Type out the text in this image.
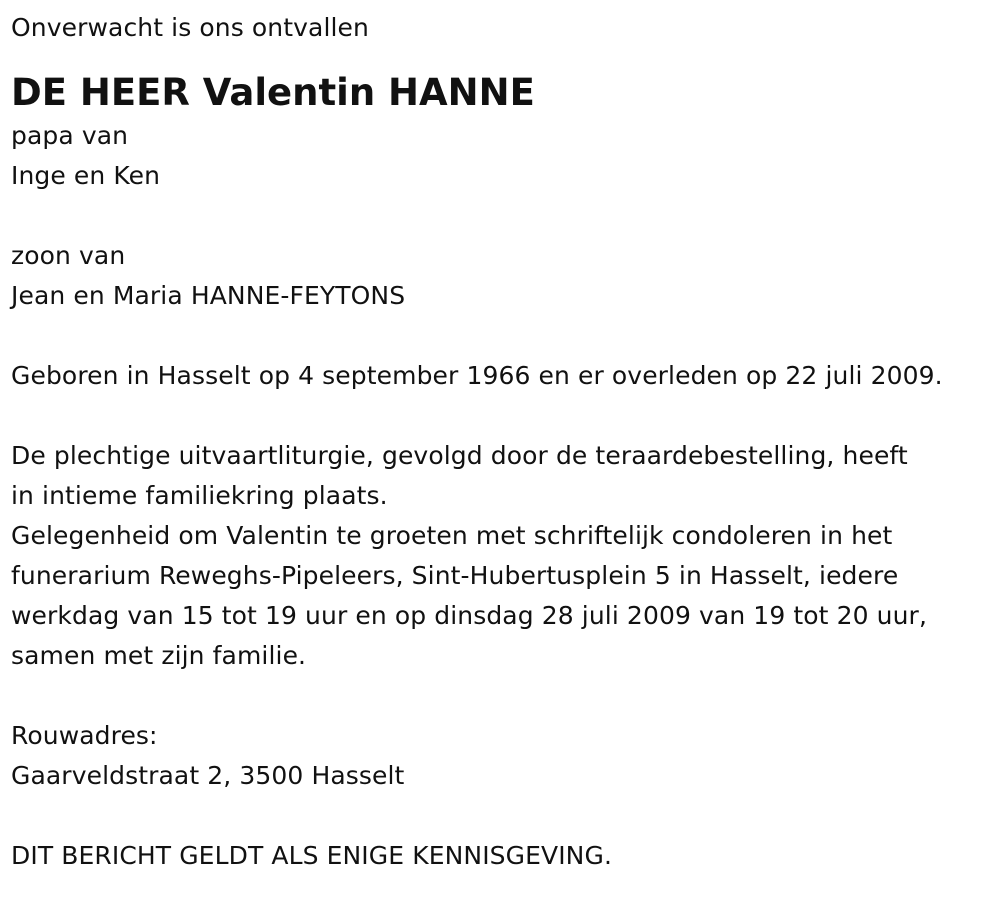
Onverwacht is ons ontvallen
DE HEER Valentin HANNE
papa van
Inge en Ken
zoon van
Jean en Maria HANNE-FEYTONS
Geboren in Hasselt op 4 september 1966 en er overleden op 22 juli 2009.
De plechtige uitvaartliturgie, gevolgd door de teraardebestelling, heeft
in intieme familiekring plaats.
Gelegenheid om Valentin te groeten met schriftelijk condoleren in het
funerarium Reweghs-Pipeleers, Sint-Hubertusplein 5 in Hasselt, iedere
werkdag van 15 tot 19 uur en op dinsdag 28 juli 2009 van 19 tot 20 uur,
samen met zijn familie.
Rouwadres:
Gaarveldstraat 2, 3500 Hasselt
DIT BERICHT GELDT ALS ENIGE KENNISGEVING.
